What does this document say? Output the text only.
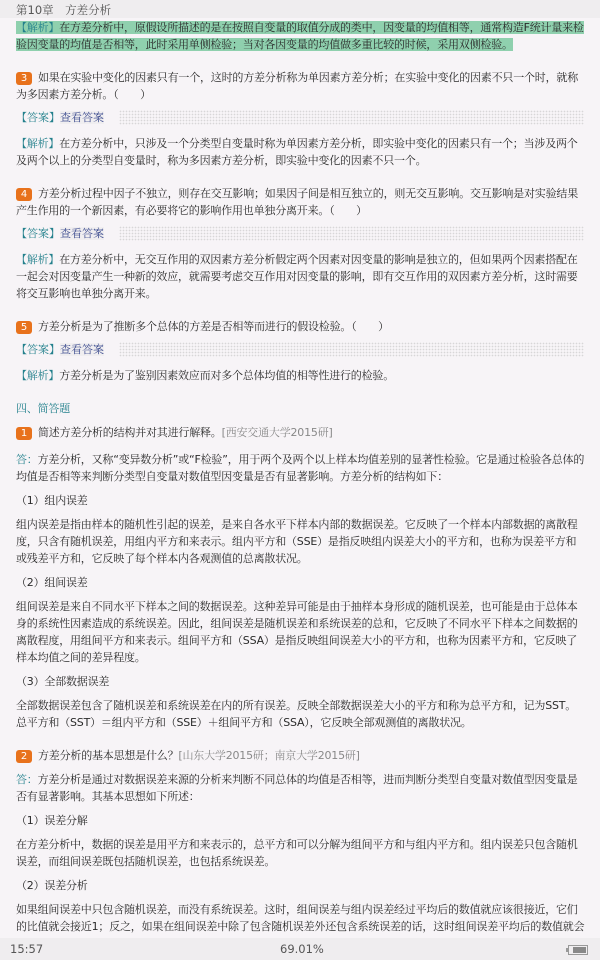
第10章　方差分析
【解析】在方差分析中，原假设所描述的是在按照自变量的取值分成的类中，因变量的均值相等，通常构造F统计量来检验因变量的均值是否相等，此时采用单侧检验；当对各因变量的均值做多重比较的时候，采用双侧检验。
3 如果在实验中变化的因素只有一个，这时的方差分析称为单因素方差分析；在实验中变化的因素不只一个时，就称为多因素方差分析。（　　）
【答案】查看答案
【解析】在方差分析中，只涉及一个分类型自变量时称为单因素方差分析，即实验中变化的因素只有一个；当涉及两个及两个以上的分类型自变量时，称为多因素方差分析，即实验中变化的因素不只一个。
4 方差分析过程中因子不独立，则存在交互影响；如果因子间是相互独立的，则无交互影响。交互影响是对实验结果产生作用的一个新因素，有必要将它的影响作用也单独分离开来。（　　）
【答案】查看答案
【解析】在方差分析中，无交互作用的双因素方差分析假定两个因素对因变量的影响是独立的，但如果两个因素搭配在一起会对因变量产生一种新的效应，就需要考虑交互作用对因变量的影响，即有交互作用的双因素方差分析，这时需要将交互影响也单独分离开来。
5 方差分析是为了推断多个总体的方差是否相等而进行的假设检验。（　　）
【答案】查看答案
【解析】方差分析是为了鉴别因素效应而对多个总体均值的相等性进行的检验。
四、简答题
1 简述方差分析的结构并对其进行解释。[西安交通大学2015研]
答：方差分析，又称“变异数分析”或“F检验”，用于两个及两个以上样本均值差别的显著性检验。它是通过检验各总体的均值是否相等来判断分类型自变量对数值型因变量是否有显著影响。方差分析的结构如下：
（1）组内误差
组内误差是指由样本的随机性引起的误差，是来自各水平下样本内部的数据误差。它反映了一个样本内部数据的离散程度，只含有随机误差，用组内平方和来表示。组内平方和（SSE）是指反映组内误差大小的平方和，也称为误差平方和或残差平方和，它反映了每个样本内各观测值的总离散状况。
（2）组间误差
组间误差是来自不同水平下样本之间的数据误差。这种差异可能是由于抽样本身形成的随机误差，也可能是由于总体本身的系统性因素造成的系统误差。因此，组间误差是随机误差和系统误差的总和，它反映了不同水平下样本之间数据的离散程度，用组间平方和来表示。组间平方和（SSA）是指反映组间误差大小的平方和，也称为因素平方和，它反映了样本均值之间的差异程度。
（3）全部数据误差
全部数据误差包含了随机误差和系统误差在内的所有误差。反映全部数据误差大小的平方和称为总平方和，记为SST。总平方和（SST）＝组内平方和（SSE）＋组间平方和（SSA），它反映全部观测值的离散状况。
2 方差分析的基本思想是什么？[山东大学2015研；南京大学2015研]
答：方差分析是通过对数据误差来源的分析来判断不同总体的均值是否相等，进而判断分类型自变量对数值型因变量是否有显著影响。其基本思想如下所述：
（1）误差分解
在方差分析中，数据的误差是用平方和来表示的，总平方和可以分解为组间平方和与组内平方和。组内误差只包含随机误差，而组间误差既包括随机误差，也包括系统误差。
（2）误差分析
如果组间误差中只包含随机误差，而没有系统误差。这时，组间误差与组内误差经过平均后的数值就应该很接近，它们的比值就会接近1；反之，如果在组间误差中除了包含随机误差外还包含系统误差的话，这时组间误差平均后的数值就会
15:57	69.01%
